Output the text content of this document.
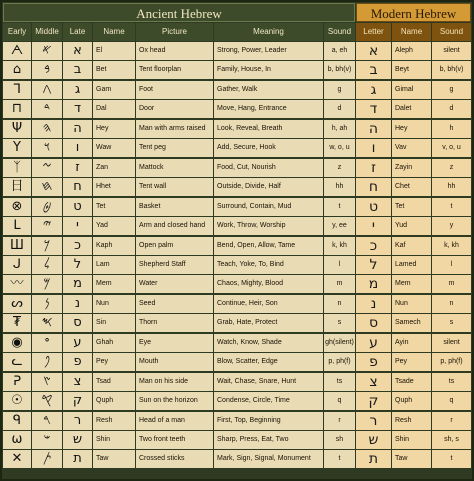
Ancient Hebrew	Modern Hebrew
Early	Middle	Late	Name	Picture	Meaning	Sound	Letter	Name	Sound
ᗅ	𐤀	א	El	Ox head	Strong, Power, Leader	a, eh	א	Aleph	silent
⌂	𐤁	ב	Bet	Tent floorplan	Family, House, In	b, bh(v)	ב	Beyt	b, bh(v)
ᒣ	𐤂	ג	Gam	Foot	Gather, Walk	g	ג	Gimal	g
⊓	𐤃	ד	Dal	Door	Move, Hang, Entrance	d	ד	Dalet	d
Ψ	𐤄	ה	Hey	Man with arms raised	Look, Reveal, Breath	h, ah	ה	Hey	h
Y	𐤅	ו	Waw	Tent peg	Add, Secure, Hook	w, o, u	ו	Vav	v, o, u
ᛉ	𐤆	ז	Zan	Mattock	Food, Cut, Nourish	z	ז	Zayin	z
日	𐤇	ח	Hhet	Tent wall	Outside, Divide, Half	hh	ח	Chet	hh
⊗	𐤈	ט	Tet	Basket	Surround, Contain, Mud	t	ט	Tet	t
ᒪ	𐤉	י	Yad	Arm and closed hand	Work, Throw, Worship	y, ee	י	Yud	y
Ш	𐤊	כ	Kaph	Open palm	Bend, Open, Allow, Tame	k, kh	כ	Kaf	k, kh
ᒍ	𐤋	ל	Lam	Shepherd Staff	Teach, Yoke, To, Bind	l	ל	Lamed	l
〰	𐤌	מ	Mem	Water	Chaos, Mighty, Blood	m	מ	Mem	m
ᔕ	𐤍	נ	Nun	Seed	Continue, Heir, Son	n	נ	Nun	n
₮	𐤎	ס	Sin	Thorn	Grab, Hate, Protect	s	ס	Samech	s
◉	𐤏	ע	Ghah	Eye	Watch, Know, Shade	gh(silent)	ע	Ayin	silent
ᓚ	𐤐	פ	Pey	Mouth	Blow, Scatter, Edge	p, ph(f)	פ	Pey	p, ph(f)
ᕈ	𐤑	צ	Tsad	Man on his side	Wait, Chase, Snare, Hunt	ts	צ	Tsade	ts
☉	𐤒	ק	Quph	Sun on the horizon	Condense, Circle, Time	q	ק	Quph	q
ᑫ	𐤓	ר	Resh	Head of a man	First, Top, Beginning	r	ר	Resh	r
ω	𐤔	ש	Shin	Two front teeth	Sharp, Press, Eat, Two	sh	ש	Shin	sh, s
✕	𐤕	ת	Taw	Crossed sticks	Mark, Sign, Signal, Monument	t	ת	Taw	t
